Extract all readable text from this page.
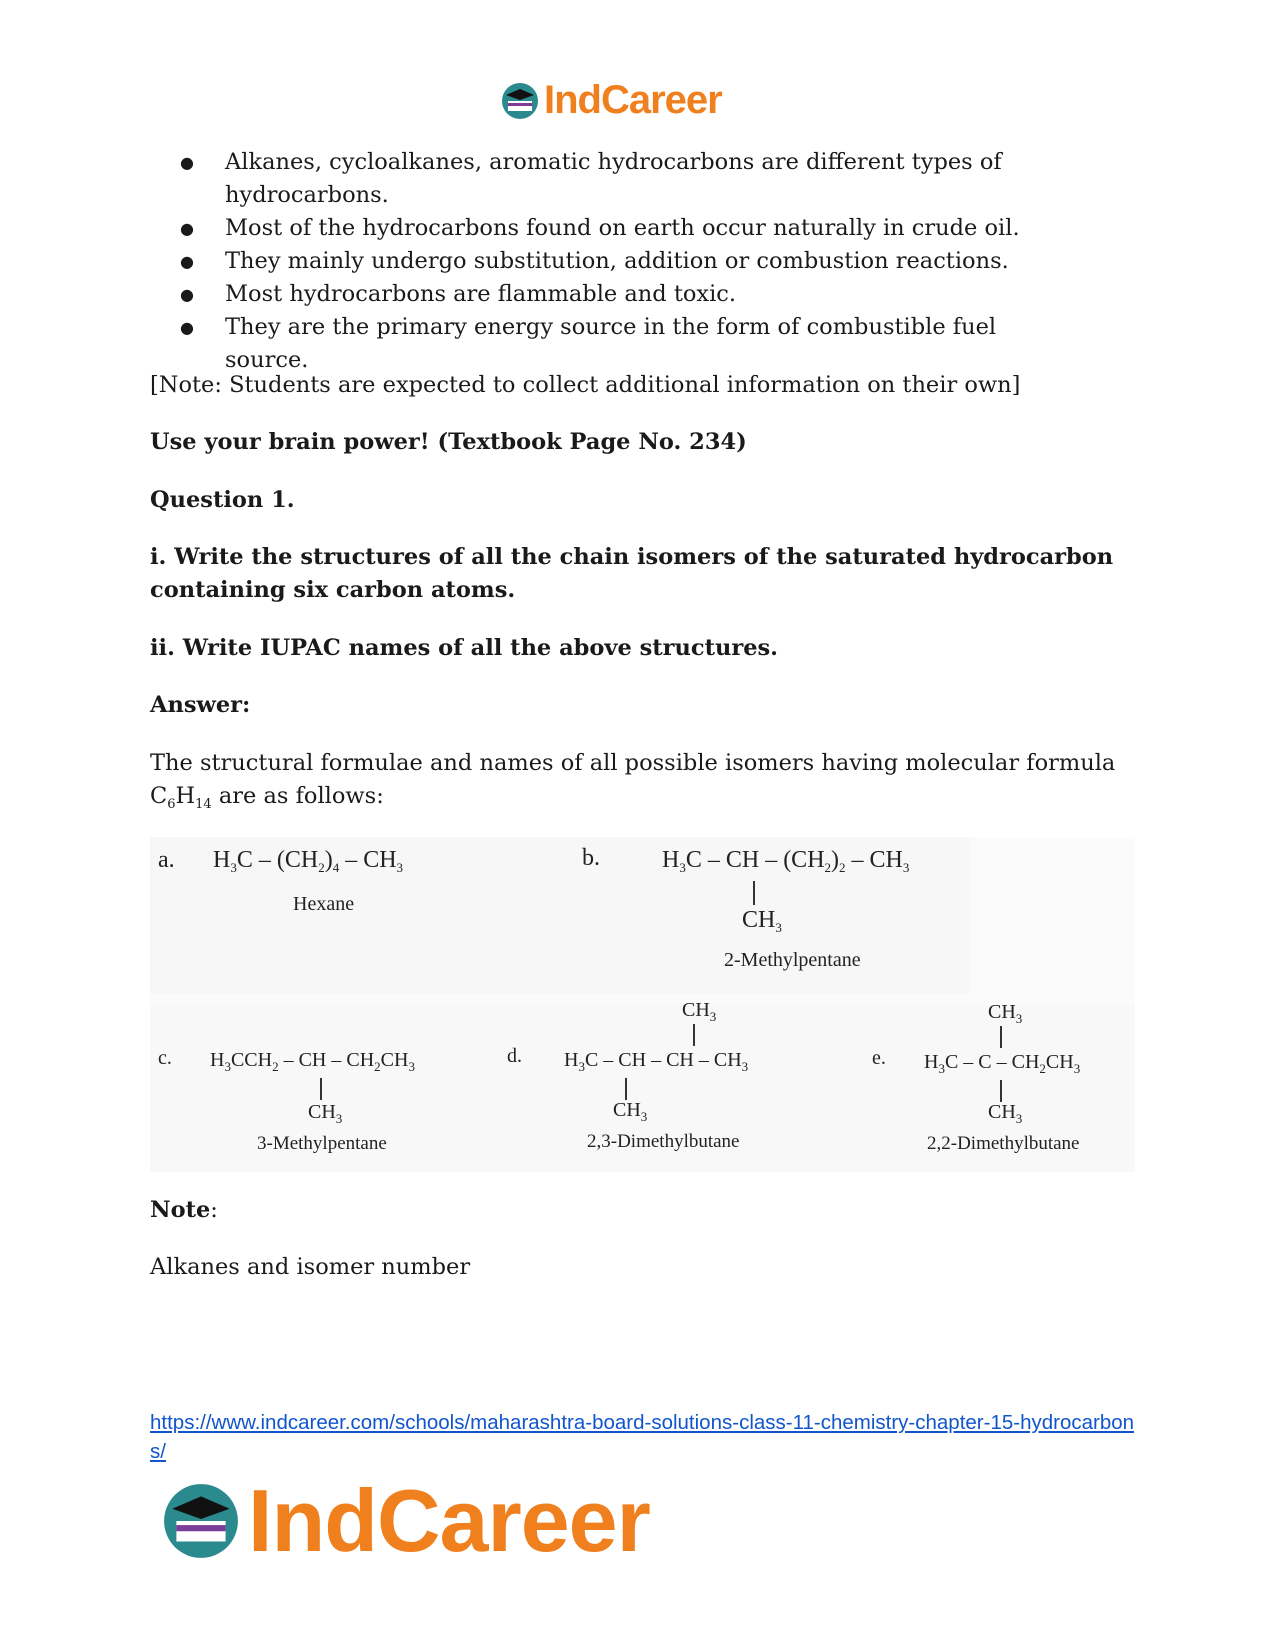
IndCareer
● Alkanes, cycloalkanes, aromatic hydrocarbons are different types of hydrocarbons.
● Most of the hydrocarbons found on earth occur naturally in crude oil.
● They mainly undergo substitution, addition or combustion reactions.
● Most hydrocarbons are flammable and toxic.
● They are the primary energy source in the form of combustible fuel source.

[Note: Students are expected to collect additional information on their own]

Use your brain power! (Textbook Page No. 234)

Question 1.

i. Write the structures of all the chain isomers of the saturated hydrocarbon containing six carbon atoms.

ii. Write IUPAC names of all the above structures.

Answer:

The structural formulae and names of all possible isomers having molecular formula
$C_6H_{14}$ are as follows:

a. $H_3C - (CH_2)_4 - CH_3$
Hexane
b.	$H_3C$ – CH – $(CH_2)_2 - CH_3$
$CH_3$
2-Methylpentane
c. $H_3CCH_2$ – CH – $CH_2CH_3$
$CH_3$
3-Methylpentane
d.
$CH_3$
$H_3C$ – CH – CH – $CH_3$
$CH_3$
2,3-Dimethylbutane
e.
$CH_3$
$H_3C$ – C – $CH_2CH_3$
$CH_3$
2,2-Dimethylbutane

Note:

Alkanes and isomer number

https://www.indcareer.com/schools/maharashtra-board-solutions-class-11-chemistry-chapter-15-hydrocarbons/
IndCareer
